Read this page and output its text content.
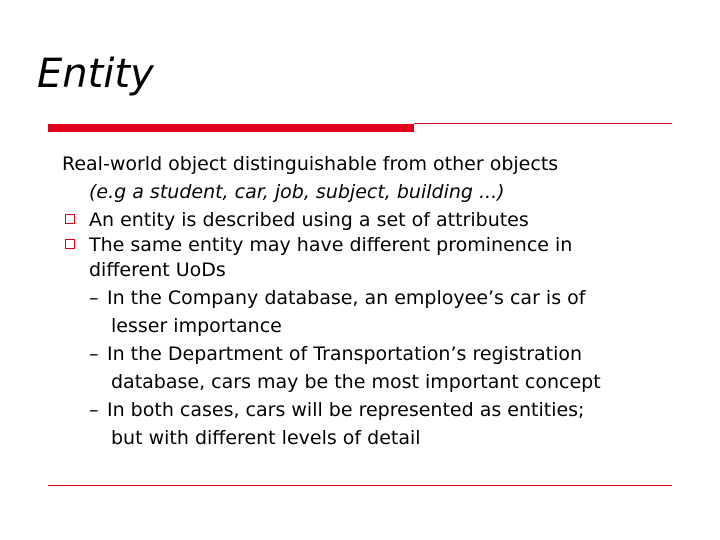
Entity
Real-world object distinguishable from other objects
(e.g a student, car, job, subject, building ...)
An entity is described using a set of attributes
The same entity may have different prominence in
different UoDs
– In the Company database, an employee’s car is of
lesser importance
– In the Department of Transportation’s registration
database, cars may be the most important concept
– In both cases, cars will be represented as entities;
but with different levels of detail
